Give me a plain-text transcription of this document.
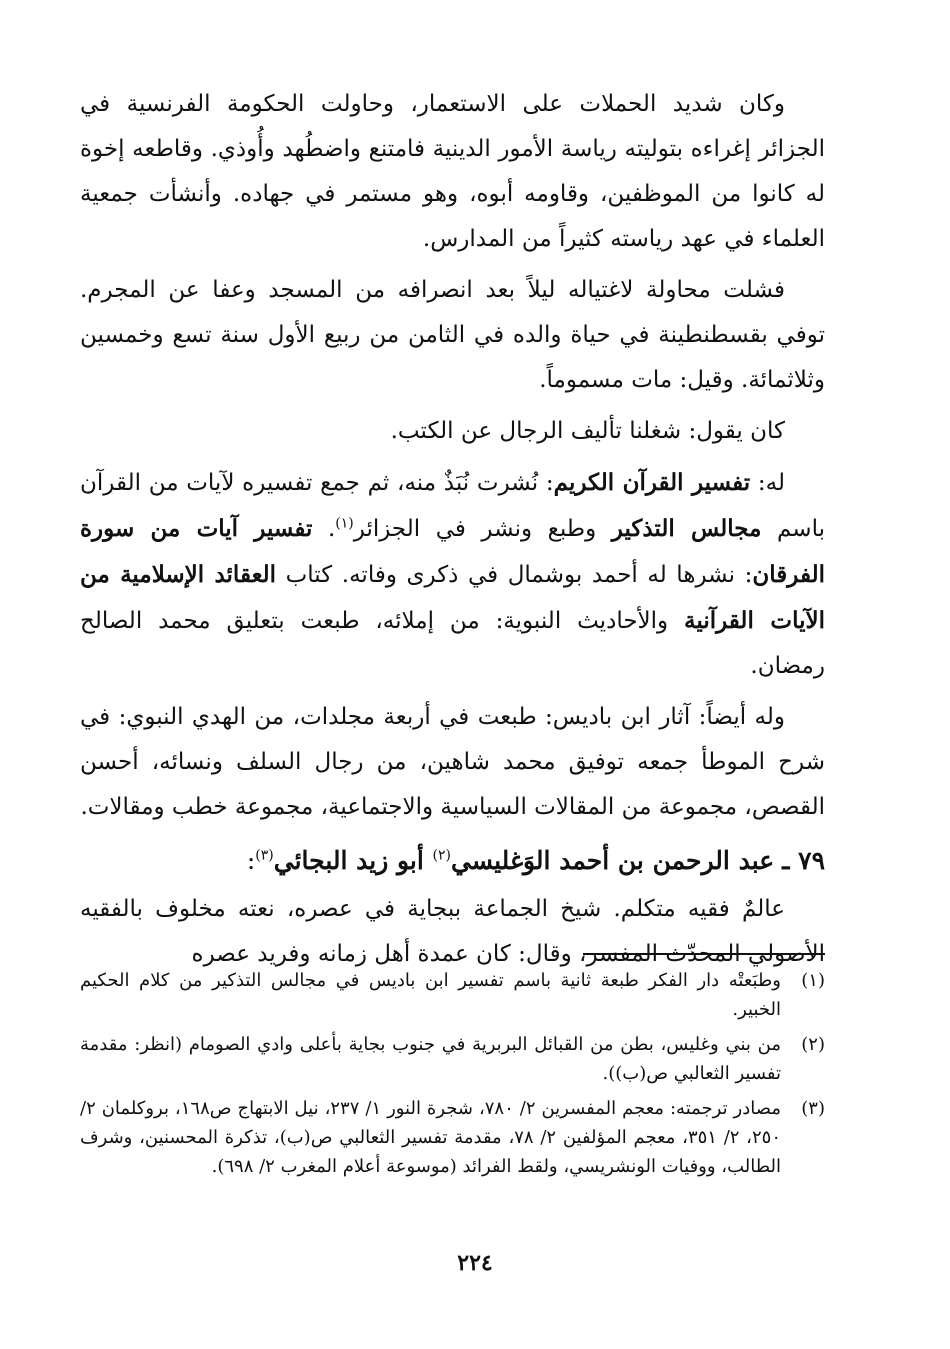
وكان شديد الحملات على الاستعمار، وحاولت الحكومة الفرنسية في الجزائر إغراءه بتوليته رياسة الأمور الدينية فامتنع واضطُهد وأُوذي. وقاطعه إخوة له كانوا من الموظفين، وقاومه أبوه، وهو مستمر في جهاده. وأنشأت جمعية العلماء في عهد رياسته كثيراً من المدارس.

فشلت محاولة لاغتياله ليلاً بعد انصرافه من المسجد وعفا عن المجرم. توفي بقسطنطينة في حياة والده في الثامن من ربيع الأول سنة تسع وخمسين وثلاثمائة. وقيل: مات مسموماً.

كان يقول: شغلنا تأليف الرجال عن الكتب.

له: تفسير القرآن الكريم: نُشرت نُبَذٌ منه، ثم جمع تفسيره لآيات من القرآن باسم مجالس التذكير وطبع ونشر في الجزائر$^{(١)}$. تفسير آيات من سورة الفرقان: نشرها له أحمد بوشمال في ذكرى وفاته. كتاب العقائد الإسلامية من الآيات القرآنية والأحاديث النبوية: من إملائه، طبعت بتعليق محمد الصالح رمضان.

وله أيضاً: آثار ابن باديس: طبعت في أربعة مجلدات، من الهدي النبوي: في شرح الموطأ جمعه توفيق محمد شاهين، من رجال السلف ونسائه، أحسن القصص، مجموعة من المقالات السياسية والاجتماعية، مجموعة خطب ومقالات.

٧٩ ـ عبد الرحمن بن أحمد الوَغليسي$^{(٢)}$ أبو زيد البجائي$^{(٣)}$:

عالمٌ فقيه متكلم. شيخ الجماعة ببجاية في عصره، نعته مخلوف بالفقيه الأصولي المحدّث المفسر، وقال: كان عمدة أهل زمانه وفريد عصره

(١)
وطبَعتْه دار الفكر طبعة ثانية باسم تفسير ابن باديس في مجالس التذكير من كلام الحكيم الخبير.
(٢)
من بني وغليس، بطن من القبائل البربرية في جنوب بجاية بأعلى وادي الصومام (انظر: مقدمة تفسير الثعالبي ص(ب)).
(٣)
مصادر ترجمته: معجم المفسرين ٢/ ٧٨٠، شجرة النور ١/ ٢٣٧، نيل الابتهاج ص١٦٨، بروكلمان ٢/ ٢٥٠، ٢/ ٣٥١، معجم المؤلفين ٢/ ٧٨، مقدمة تفسير الثعالبي ص(ب)، تذكرة المحسنين، وشرف الطالب، ووفيات الونشريسي، ولقط الفرائد (موسوعة أعلام المغرب ٢/ ٦٩٨).
٢٢٤
